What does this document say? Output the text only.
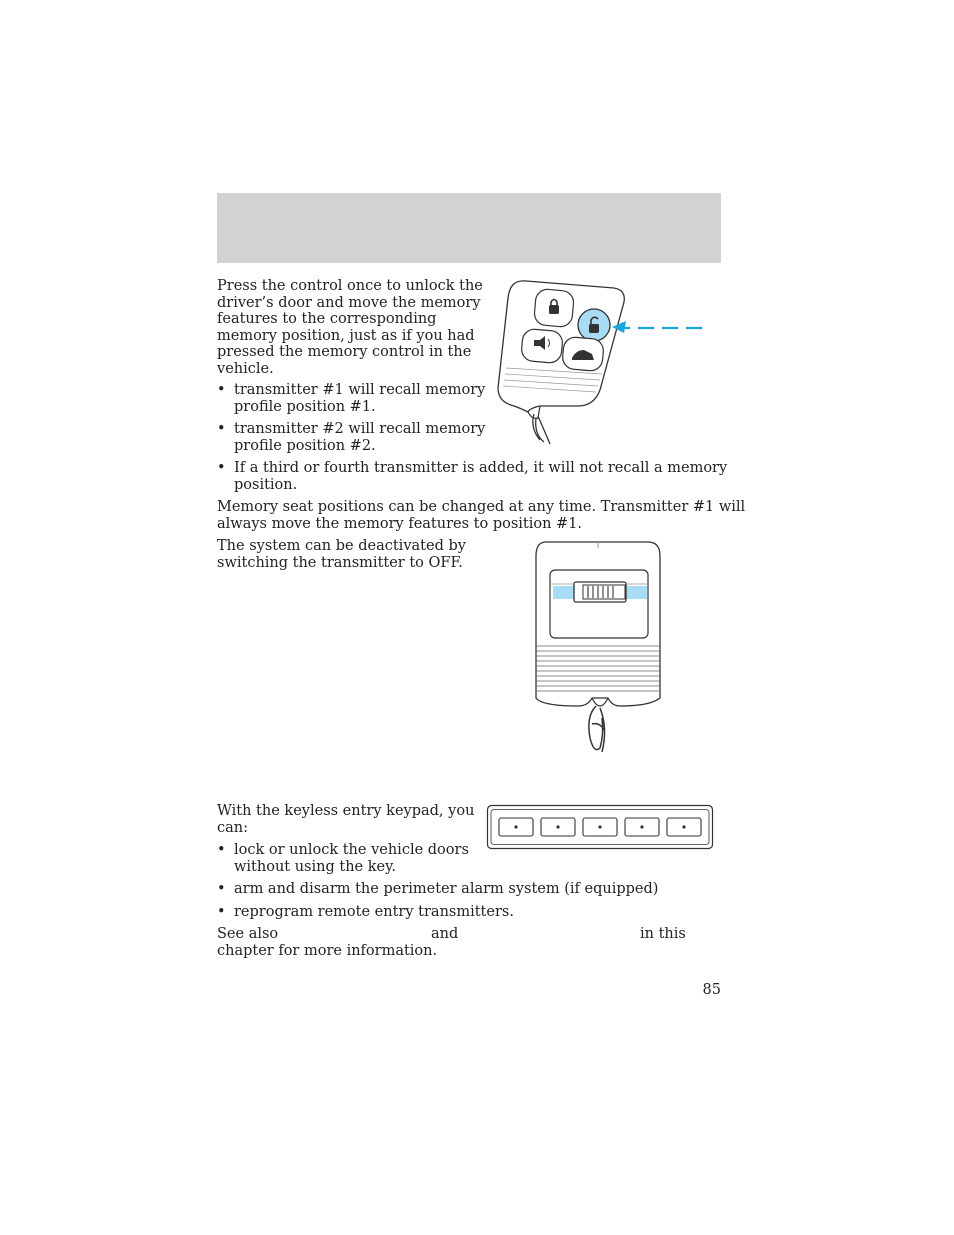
Press the control once to unlock the
driver’s door and move the memory
features to the corresponding
memory position, just as if you had
pressed the memory control in the
vehicle.
• transmitter #1 will recall memory
profile position #1.
• transmitter #2 will recall memory
profile position #2.
• If a third or fourth transmitter is added, it will not recall a memory
position.
Memory seat positions can be changed at any time. Transmitter #1 will
always move the memory features to position #1.
The system can be deactivated by
switching the transmitter to OFF.
With the keyless entry keypad, you
can:
• lock or unlock the vehicle doors
without using the key.
• arm and disarm the perimeter alarm system (if equipped)
• reprogram remote entry transmitters.
See also	and	in this
chapter for more information.
85
